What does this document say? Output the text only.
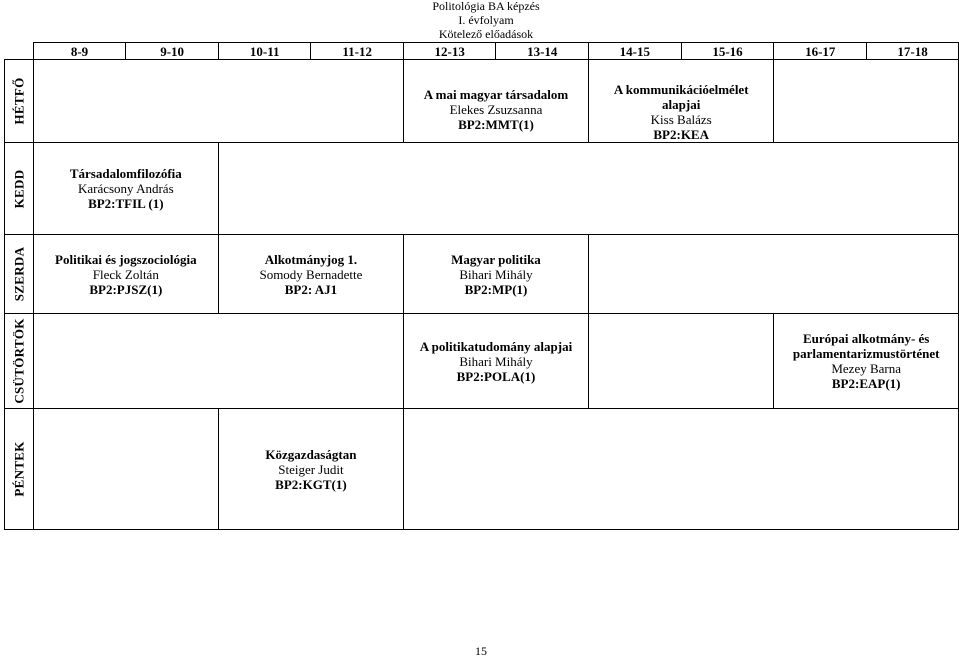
Politológia BA képzés
I. évfolyam
Kötelező előadások
	8-9	9-10	10-11	11-12	12-13	13-14	14-15	15-16	16-17	17-18

HÉTFŐ					A mai magyar társadalom
Elekes Zsuzsanna
BP2:MMT(1)		A kommunikációelmélet
alapjai
Kiss Balázs
BP2:KEA			

KEDD	Társadalomfilozófia
Karácsony András
BP2:TFIL (1)									

SZERDA	Politikai és jogszociológia
Fleck Zoltán
BP2:PJSZ(1)		Alkotmányjog 1.
Somody Bernadette
BP2: AJ1		Magyar politika
Bihari Mihály
BP2:MP(1)					

CSÜTÖRTÖK					A politikatudomány alapjai
Bihari Mihály
BP2:POLA(1)				Európai alkotmány- és
parlamentarizmustörténet
Mezey Barna
BP2:EAP(1)	

PÉNTEK			Közgazdaságtan
Steiger Judit
BP2:KGT(1)							

15
